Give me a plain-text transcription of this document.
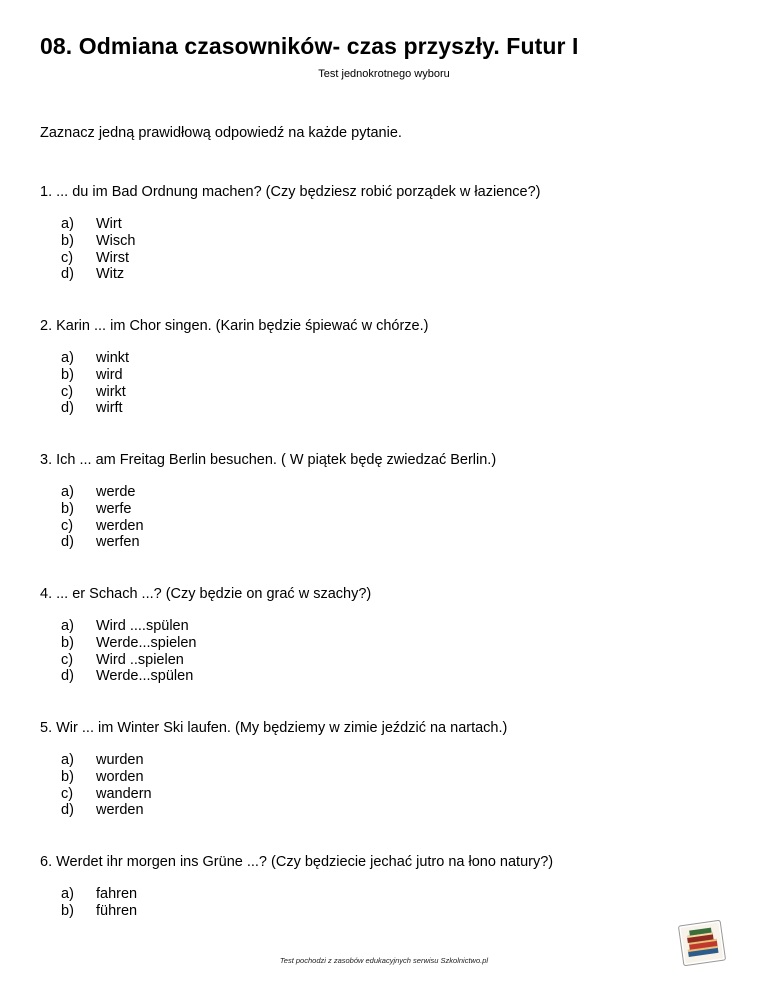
08. Odmiana czasowników- czas przyszły. Futur I
Test jednokrotnego wyboru
Zaznacz jedną prawidłową odpowiedź na każde pytanie.
1. ... du im Bad Ordnung machen? (Czy będziesz robić porządek w łazience?)
a)	Wirt
b)	Wisch
c)	Wirst
d)	Witz
2. Karin ... im Chor singen. (Karin będzie śpiewać w chórze.)
a)	winkt
b)	wird
c)	wirkt
d)	wirft
3. Ich ... am Freitag Berlin besuchen. ( W piątek będę zwiedzać Berlin.)
a)	werde
b)	werfe
c)	werden
d)	werfen
4. ... er Schach ...? (Czy będzie on grać w szachy?)
a)	Wird ....spülen
b)	Werde...spielen
c)	Wird ..spielen
d)	Werde...spülen
5. Wir ... im Winter Ski laufen. (My będziemy w zimie jeździć na nartach.)
a)	wurden
b)	worden
c)	wandern
d)	werden
6. Werdet ihr morgen ins Grüne ...? (Czy będziecie jechać jutro na łono natury?)
a)	fahren
b)	führen
Test pochodzi z zasobów edukacyjnych serwisu Szkolnictwo.pl
